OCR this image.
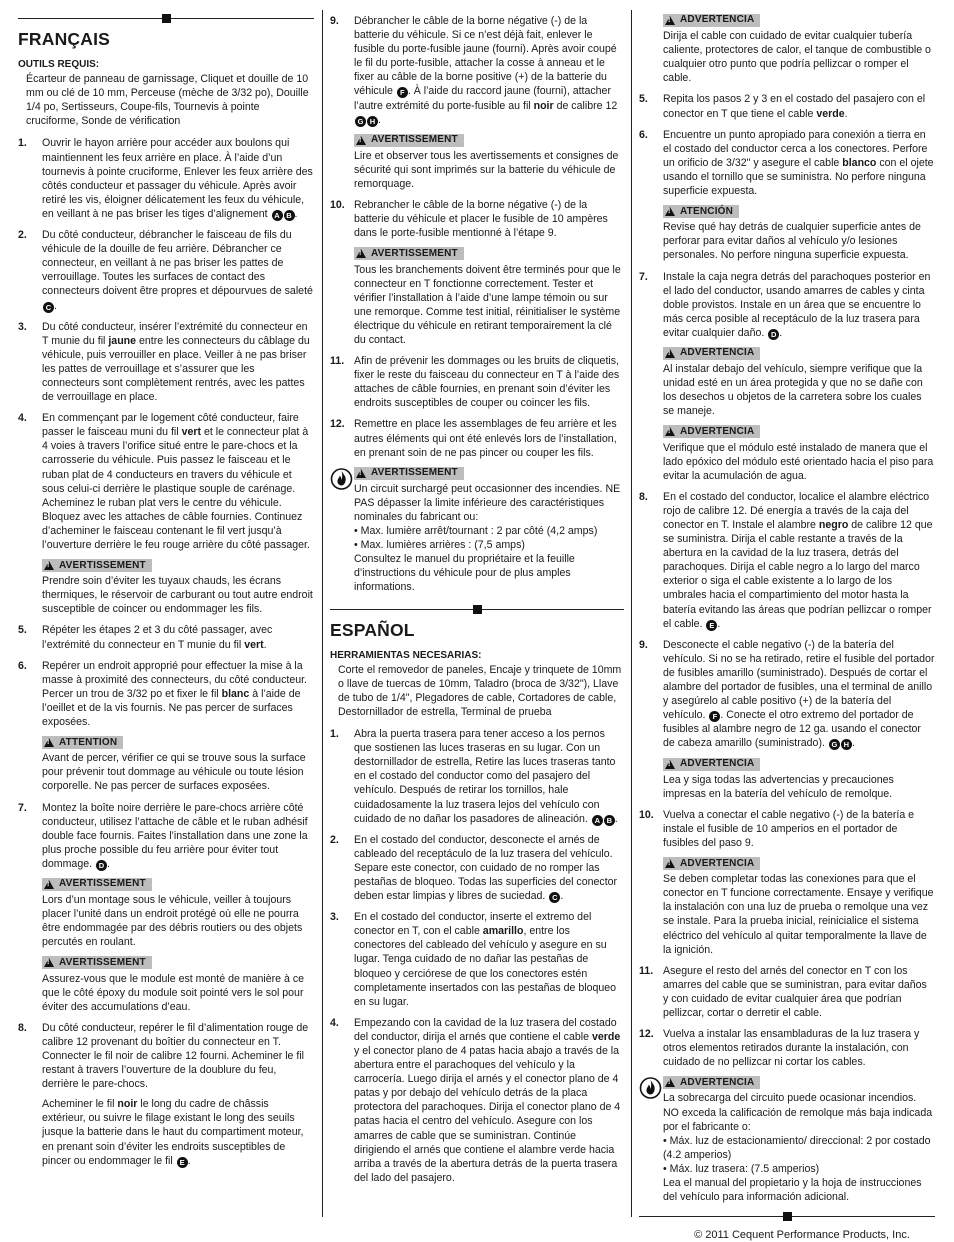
FRANÇAIS
OUTILS REQUIS:
Écarteur de panneau de garnissage, Cliquet et douille de 10 mm ou clé de 10 mm, Perceuse (mèche de 3/32 po), Douille 1/4 po, Sertisseurs, Coupe-fils, Tournevis à pointe cruciforme, Sonde de vérification
1. Ouvrir le hayon arrière pour accéder aux boulons qui maintiennent les feux arrière en place. À l’aide d’un tournevis à pointe cruciforme, Enlever les feux arrière des côtés conducteur et passager du véhicule. Après avoir retiré les vis, éloigner délicatement les feux du véhicule, en veillant à ne pas briser les tiges d’alignement A B .
2. Du côté conducteur, débrancher le faisceau de fils du véhicule de la douille de feu arrière. Débrancher ce connecteur, en veillant à ne pas briser les pattes de verrouillage. Toutes les surfaces de contact des connecteurs doivent être propres et dépourvues de saleté C .
3. Du côté conducteur, insérer l’extrémité du connecteur en T munie du fil jaune entre les connecteurs du câblage du véhicule, puis verrouiller en place. Veiller à ne pas briser les pattes de verrouillage et s’assurer que les connecteurs sont complètement rentrés, avec les pattes de verrouillage en place.
4. En commençant par le logement côté conducteur, faire passer le faisceau muni du fil vert et le connecteur plat à 4 voies à travers l’orifice situé entre le pare-chocs et la carrosserie du véhicule. Puis passez le faisceau et le ruban plat de 4 conducteurs en travers du véhicule et sous celui-ci derrière le plastique souple de carénage. Acheminez le ruban plat vers le centre du véhicule. Bloquez avec les attaches de câble fournies. Continuez d’acheminer le faisceau contenant le fil vert jusqu’à l’ouverture derrière le feu rouge arrière du côté passager.
!
AVERTISSEMENT
Prendre soin d’éviter les tuyaux chauds, les écrans thermiques, le réservoir de carburant ou tout autre endroit susceptible de coincer ou endommager les fils.
5. Répéter les étapes 2 et 3 du côté passager, avec l’extrémité du connecteur en T munie du fil vert.
6. Repérer un endroit approprié pour effectuer la mise à la masse à proximité des connecteurs, du côté conducteur. Percer un trou de 3/32 po et fixer le fil blanc à l’aide de l’oeillet et de la vis fournis. Ne pas percer de surfaces exposées.
!
ATTENTION
Avant de percer, vérifier ce qui se trouve sous la surface pour prévenir tout dommage au véhicule ou toute lésion corporelle. Ne pas percer de surfaces exposées.
7. Montez la boîte noire derrière le pare-chocs arrière côté conducteur, utilisez l’attache de câble et le ruban adhésif double face fournis. Faites l’installation dans une zone la plus proche possible du feu arrière pour éviter tout dommage. D .
!
AVERTISSEMENT
Lors d’un montage sous le véhicule, veiller à toujours placer l’unité dans un endroit protégé où elle ne pourra être endommagée par des débris routiers ou des objets percutés en roulant.
!
AVERTISSEMENT
Assurez-vous que le module est monté de manière à ce que le côté époxy du module soit pointé vers le sol pour éviter des accumulations d’eau.
8. Du côté conducteur, repérer le fil d’alimentation rouge de calibre 12 provenant du boîtier du connecteur en T. Connecter le fil noir de calibre 12 fourni. Acheminer le fil restant à travers l’ouverture de la doublure du feu, derrière le pare-chocs.
Acheminer le fil noir le long du cadre de châssis extérieur, ou suivre le filage existant le long des seuils jusque la batterie dans le haut du compartiment moteur, en prenant soin d’éviter les endroits susceptibles de pincer ou endommager le fil E .
9. Débrancher le câble de la borne négative (-) de la batterie du véhicule. Si ce n’est déjà fait, enlever le fusible du porte-fusible jaune (fourni). Après avoir coupé le fil du porte-fusible, attacher la cosse à anneau et le fixer au câble de la borne positive (+) de la batterie du véhicule F . À l’aide du raccord jaune (fourni), attacher l’autre extrémité du porte-fusible au fil noir de calibre 12 G H .
!
AVERTISSEMENT
Lire et observer tous les avertissements et consignes de sécurité qui sont imprimés sur la batterie du véhicule de remorquage.
10. Rebrancher le câble de la borne négative (-) de la batterie du véhicule et placer le fusible de 10 ampères dans le porte-fusible mentionné à l’étape 9.
!
AVERTISSEMENT
Tous les branchements doivent être terminés pour que le connecteur en T fonctionne correctement. Tester et vérifier l’installation à l’aide d’une lampe témoin ou sur une remorque. Comme test initial, réinitialiser le système électrique du véhicule en retirant temporairement la clé du contact.
11. Afin de prévenir les dommages ou les bruits de cliquetis, fixer le reste du faisceau du connecteur en T à l’aide des attaches de câble fournies, en prenant soin d’éviter les endroits susceptibles de couper ou coincer les fils.
12. Remettre en place les assemblages de feu arrière et les autres éléments qui ont été enlevés lors de l’installation, en prenant soin de ne pas pincer ou couper les fils.
!
AVERTISSEMENT
Un circuit surchargé peut occasionner des incendies. NE PAS dépasser la limite inférieure des caractéristiques nominales du fabricant ou:
• Max. lumière arrêt/tournant : 2 par côté (4,2 amps)
• Max. lumières arrières : (7,5 amps)
Consultez le manuel du propriétaire et la feuille d’instructions du véhicule pour de plus amples informations.
ESPAÑOL
HERRAMIENTAS NECESARIAS:
Corte el removedor de paneles, Encaje y trinquete de 10mm o llave de tuercas de 10mm, Taladro (broca de 3/32"), Llave de tubo de 1/4", Plegadores de cable, Cortadores de cable, Destornillador de estrella, Terminal de prueba
1. Abra la puerta trasera para tener acceso a los pernos que sostienen las luces traseras en su lugar. Con un destornillador de estrella, Retire las luces traseras tanto en el costado del conductor como del pasajero del vehículo. Después de retirar los tornillos, hale cuidadosamente la luz trasera lejos del vehículo con cuidado de no dañar los pasadores de alineación. A B .
2. En el costado del conductor, desconecte el arnés de cableado del receptáculo de la luz trasera del vehículo. Separe este conector, con cuidado de no romper las pestañas de bloqueo. Todas las superficies del conector deben estar limpias y libres de suciedad. C .
3. En el costado del conductor, inserte el extremo del conector en T, con el cable amarillo, entre los conectores del cableado del vehículo y asegure en su lugar. Tenga cuidado de no dañar las pestañas de bloqueo y cerciórese de que los conectores estén completamente insertados con las pestañas de bloqueo en su lugar.
4. Empezando con la cavidad de la luz trasera del costado del conductor, dirija el arnés que contiene el cable verde y el conector plano de 4 patas hacia abajo a través de la abertura entre el parachoques del vehículo y la carrocería. Luego dirija el arnés y el conector plano de 4 patas y por debajo del vehículo detrás de la placa protectora del parachoques. Dirija el conector plano de 4 patas hacia el centro del vehículo. Asegure con los amarres de cable que se suministran. Continúe dirigiendo el arnés que contiene el alambre verde hacia arriba a través de la abertura detrás de la puerta trasera del lado del pasajero.
!
ADVERTENCIA
Dirija el cable con cuidado de evitar cualquier tubería caliente, protectores de calor, el tanque de combustible o cualquier otro punto que podría pellizcar o romper el cable.
5. Repita los pasos 2 y 3 en el costado del pasajero con el conector en T que tiene el cable verde.
6. Encuentre un punto apropiado para conexión a tierra en el costado del conductor cerca a los conectores. Perfore un orificio de 3/32" y asegure el cable blanco con el ojete usando el tornillo que se suministra. No perfore ninguna superficie expuesta.
!
ATENCIÓN
Revise qué hay detrás de cualquier superficie antes de perforar para evitar daños al vehículo y/o lesiones personales. No perfore ninguna superficie expuesta.
7. Instale la caja negra detrás del parachoques posterior en el lado del conductor, usando amarres de cables y cinta doble provistos. Instale en un área que se encuentre lo más cerca posible al receptáculo de la luz trasera para evitar cualquier daño. D .
!
ADVERTENCIA
Al instalar debajo del vehículo, siempre verifique que la unidad esté en un área protegida y que no se dañe con los desechos u objetos de la carretera sobre los cuales se maneje.
!
ADVERTENCIA
Verifique que el módulo esté instalado de manera que el lado epóxico del módulo esté orientado hacia el piso para evitar la acumulación de agua.
8. En el costado del conductor, localice el alambre eléctrico rojo de calibre 12. Dé energía a través de la caja del conector en T. Instale el alambre negro de calibre 12 que se suministra. Dirija el cable restante a través de la abertura en la cavidad de la luz trasera, detrás del parachoques. Dirija el cable negro a lo largo del marco exterior o siga el cable existente a lo largo de los umbrales hacia el compartimiento del motor hasta la batería evitando las áreas que podrían pellizcar o romper el cable. E .
9. Desconecte el cable negativo (-) de la batería del vehículo. Si no se ha retirado, retire el fusible del portador de fusibles amarillo (suministrado). Después de cortar el alambre del portador de fusibles, una el terminal de anillo y asegúrelo al cable positivo (+) de la batería del vehículo. F . Conecte el otro extremo del portador de fusibles al alambre negro de 12 ga. usando el conector de cabeza amarillo (suministrado). G H .
!
ADVERTENCIA
Lea y siga todas las advertencias y precauciones impresas en la batería del vehículo de remolque.
10. Vuelva a conectar el cable negativo (-) de la batería e instale el fusible de 10 amperios en el portador de fusibles del paso 9.
!
ADVERTENCIA
Se deben completar todas las conexiones para que el conector en T funcione correctamente. Ensaye y verifique la instalación con una luz de prueba o remolque una vez se instale. Para la prueba inicial, reinicialice el sistema eléctrico del vehículo al quitar temporalmente la llave de la ignición.
11. Asegure el resto del arnés del conector en T con los amarres del cable que se suministran, para evitar daños y con cuidado de evitar cualquier área que podrían pellizcar, cortar o derretir el cable.
12. Vuelva a instalar las ensambladuras de la luz trasera y otros elementos retirados durante la instalación, con cuidado de no pellizcar ni cortar los cables.
!
ADVERTENCIA
La sobrecarga del circuito puede ocasionar incendios. NO exceda la calificación de remolque más baja indicada por el fabricante o:
• Máx. luz de estacionamiento/ direccional: 2 por costado (4.2 amperios)
• Máx. luz trasera: (7.5 amperios)
Lea el manual del propietario y la hoja de instrucciones del vehículo para información adicional.
© 2011 Cequent Performance Products, Inc.
